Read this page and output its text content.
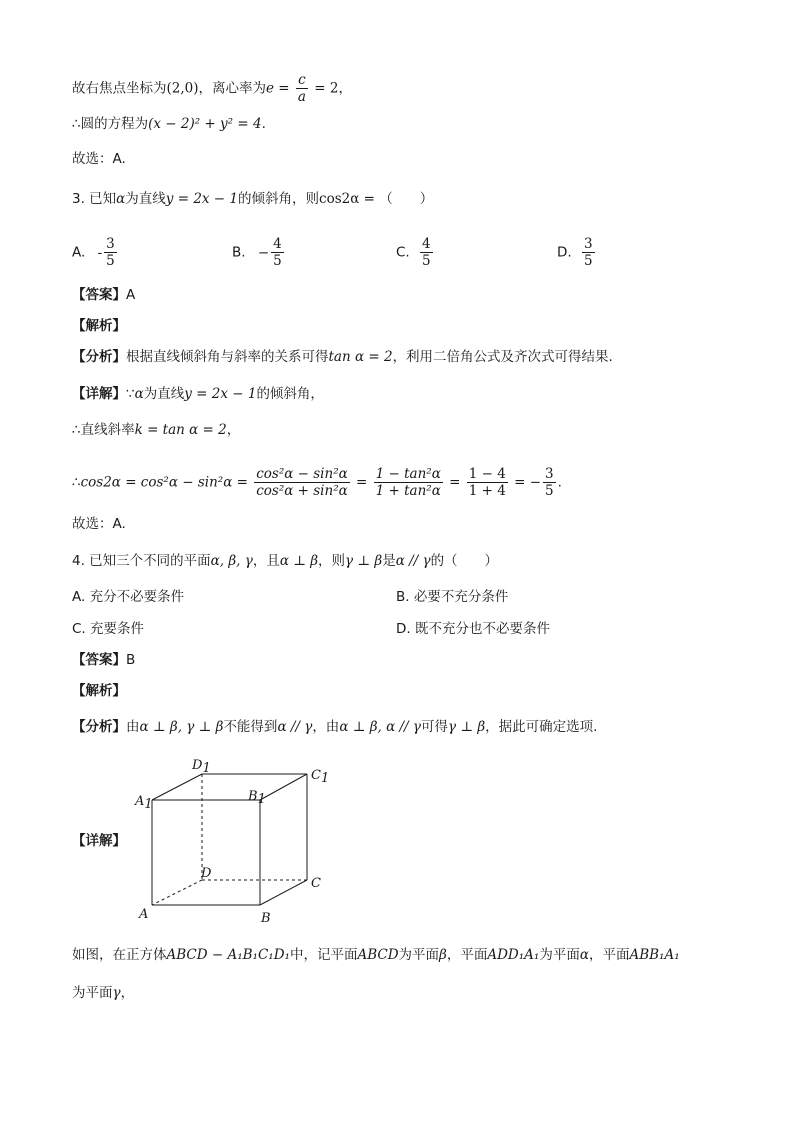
故右焦点坐标为(2,0)，离心率为$e = \frac{c}{a} = 2$，
∴圆的方程为(x − 2)² + y² = 4.
故选：A.
3. 已知α为直线y = 2x − 1的倾斜角，则cos2α = （　　）
A. - $\frac{3}{5}$	B. − $\frac{4}{5}$	C. $\frac{4}{5}$	D. $\frac{3}{5}$
【答案】A
【解析】
【分析】根据直线倾斜角与斜率的关系可得tan α = 2，利用二倍角公式及齐次式可得结果.
【详解】∵α为直线y = 2x − 1的倾斜角，
∴直线斜率k = tan α = 2，
∴cos2α = $\cos^2\alpha - \sin^2\alpha = \frac{\text{cos²α − sin²α}}{\text{cos²α + sin²α}} = \frac{\text{1 − tan²α}}{\text{1 + tan²α}} = \frac{1 - 4}{1 + 4}$ = − $\frac{3}{5}$ .
故选：A.
4. 已知三个不同的平面α, β, γ，且α ⊥ β，则γ ⊥ β是α // γ的（　　）
A. 充分不必要条件	B. 必要不充分条件
C. 充要条件	D. 既不充分也不必要条件
【答案】B
【解析】
【分析】由α ⊥ β, γ ⊥ β不能得到α // γ，由α ⊥ β, α // γ可得γ ⊥ β，据此可确定选项.
【详解】
D1	C1
A1
B1
D
C
A	B
如图，在正方体ABCD − A₁B₁C₁D₁中，记平面ABCD为平面β，平面ADD₁A₁为平面α，平面ABB₁A₁
为平面γ，
